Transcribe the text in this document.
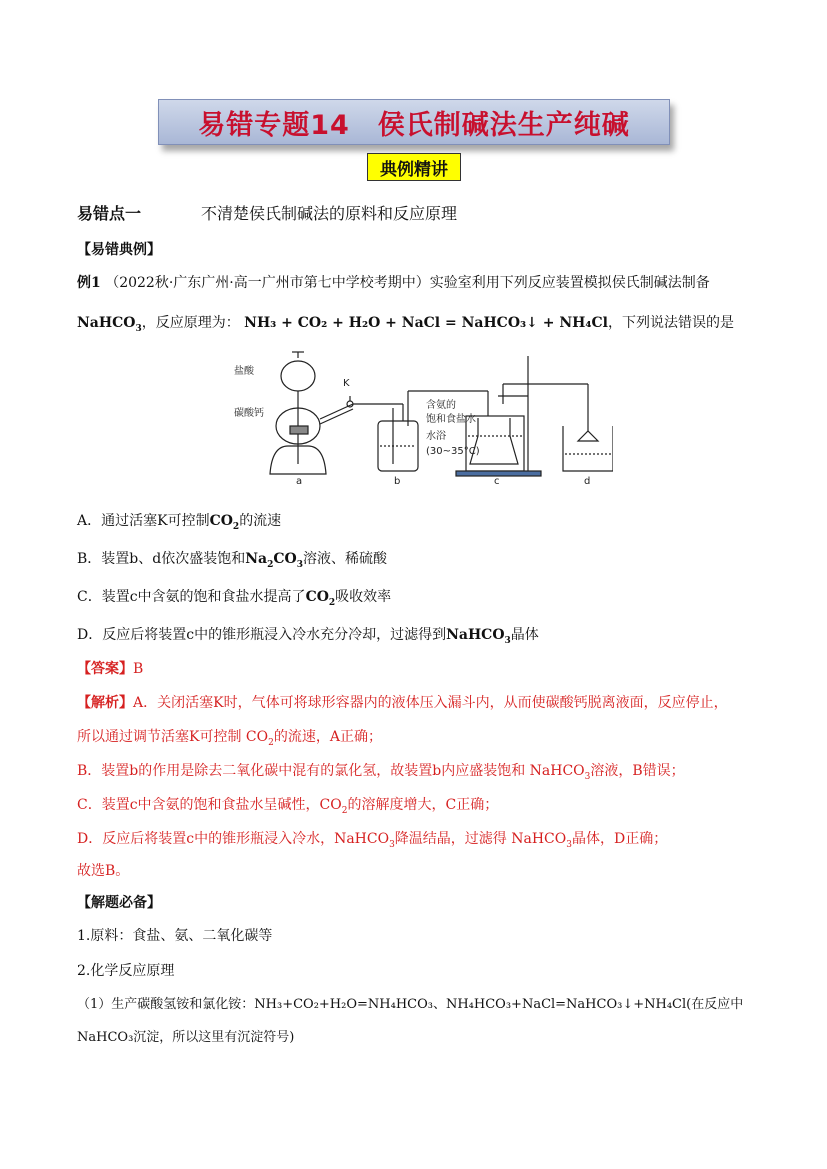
易错专题14　侯氏制碱法生产纯碱
典例精讲
易错点一	不清楚侯氏制碱法的原料和反应原理
【易错典例】
例1 （2022秋·广东广州·高一广州市第七中学校考期中）实验室利用下列反应装置模拟侯氏制碱法制备
NaHCO$_3$，反应原理为： NH₃ + CO₂ + H₂O + NaCl = NaHCO₃↓ + NH₄Cl，下列说法错误的是
盐酸
碳酸钙
K
含氨的
饱和食盐水
水浴
(30~35°C)
a	b	c	d
A．通过活塞K可控制$CO_2$的流速
B．装置b、d依次盛装饱和$Na_2CO_3$溶液、稀硫酸
C．装置c中含氨的饱和食盐水提高了$CO_2$吸收效率
D．反应后将装置c中的锥形瓶浸入冷水充分冷却，过滤得到NaHCO$_3$晶体
【答案】B
【解析】A．关闭活塞K时，气体可将球形容器内的液体压入漏斗内，从而使碳酸钙脱离液面，反应停止，
所以通过调节活塞K可控制 $CO_2$的流速，A正确；
B．装置b的作用是除去二氧化碳中混有的氯化氢，故装置b内应盛装饱和 NaHCO$_3$溶液，B错误；
C．装置c中含氨的饱和食盐水呈碱性，$CO_2$的溶解度增大，C正确；
D．反应后将装置c中的锥形瓶浸入冷水，NaHCO$_3$降温结晶，过滤得 NaHCO$_3$晶体，D正确；
故选B。
【解题必备】
1.原料：食盐、氨、二氧化碳等
2.化学反应原理
（1）生产碳酸氢铵和氯化铵：NH₃+CO₂+H₂O=NH₄HCO₃、NH₄HCO₃+NaCl=NaHCO₃↓+NH₄Cl(在反应中
NaHCO₃沉淀，所以这里有沉淀符号)
